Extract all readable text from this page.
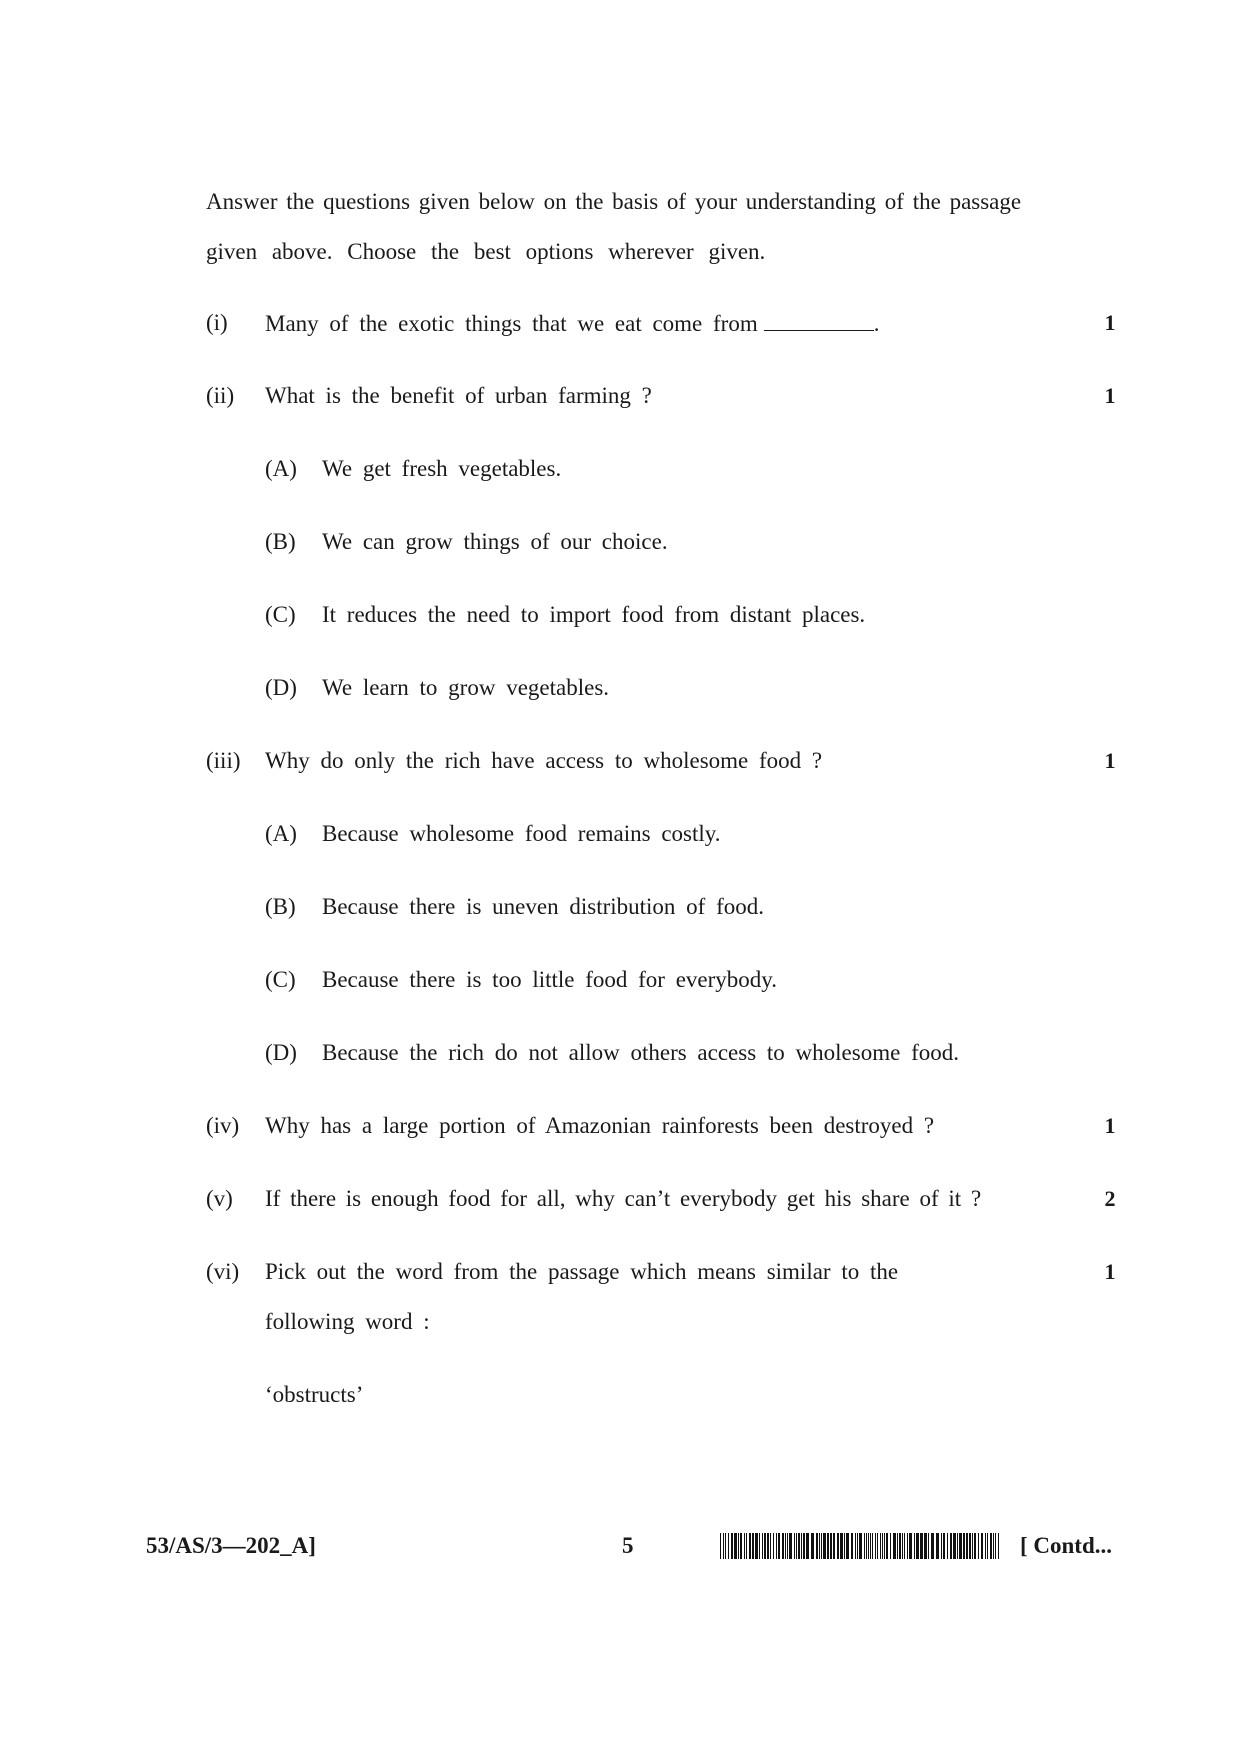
Answer the questions given below on the basis of your understanding of the passage
given above. Choose the best options wherever given.
(i) Many of the exotic things that we eat come from	.	1
(ii) What is the benefit of urban farming ?	1
(A) We get fresh vegetables.
(B) We can grow things of our choice.
(C) It reduces the need to import food from distant places.
(D) We learn to grow vegetables.
(iii) Why do only the rich have access to wholesome food ?	1
(A) Because wholesome food remains costly.
(B) Because there is uneven distribution of food.
(C) Because there is too little food for everybody.
(D) Because the rich do not allow others access to wholesome food.
(iv) Why has a large portion of Amazonian rainforests been destroyed ?	1
(v) If there is enough food for all, why can’t everybody get his share of it ?	2
(vi) Pick out the word from the passage which means similar to the	1
following word :
‘obstructs’
53/AS/3—202_A]	5	[ Contd...
